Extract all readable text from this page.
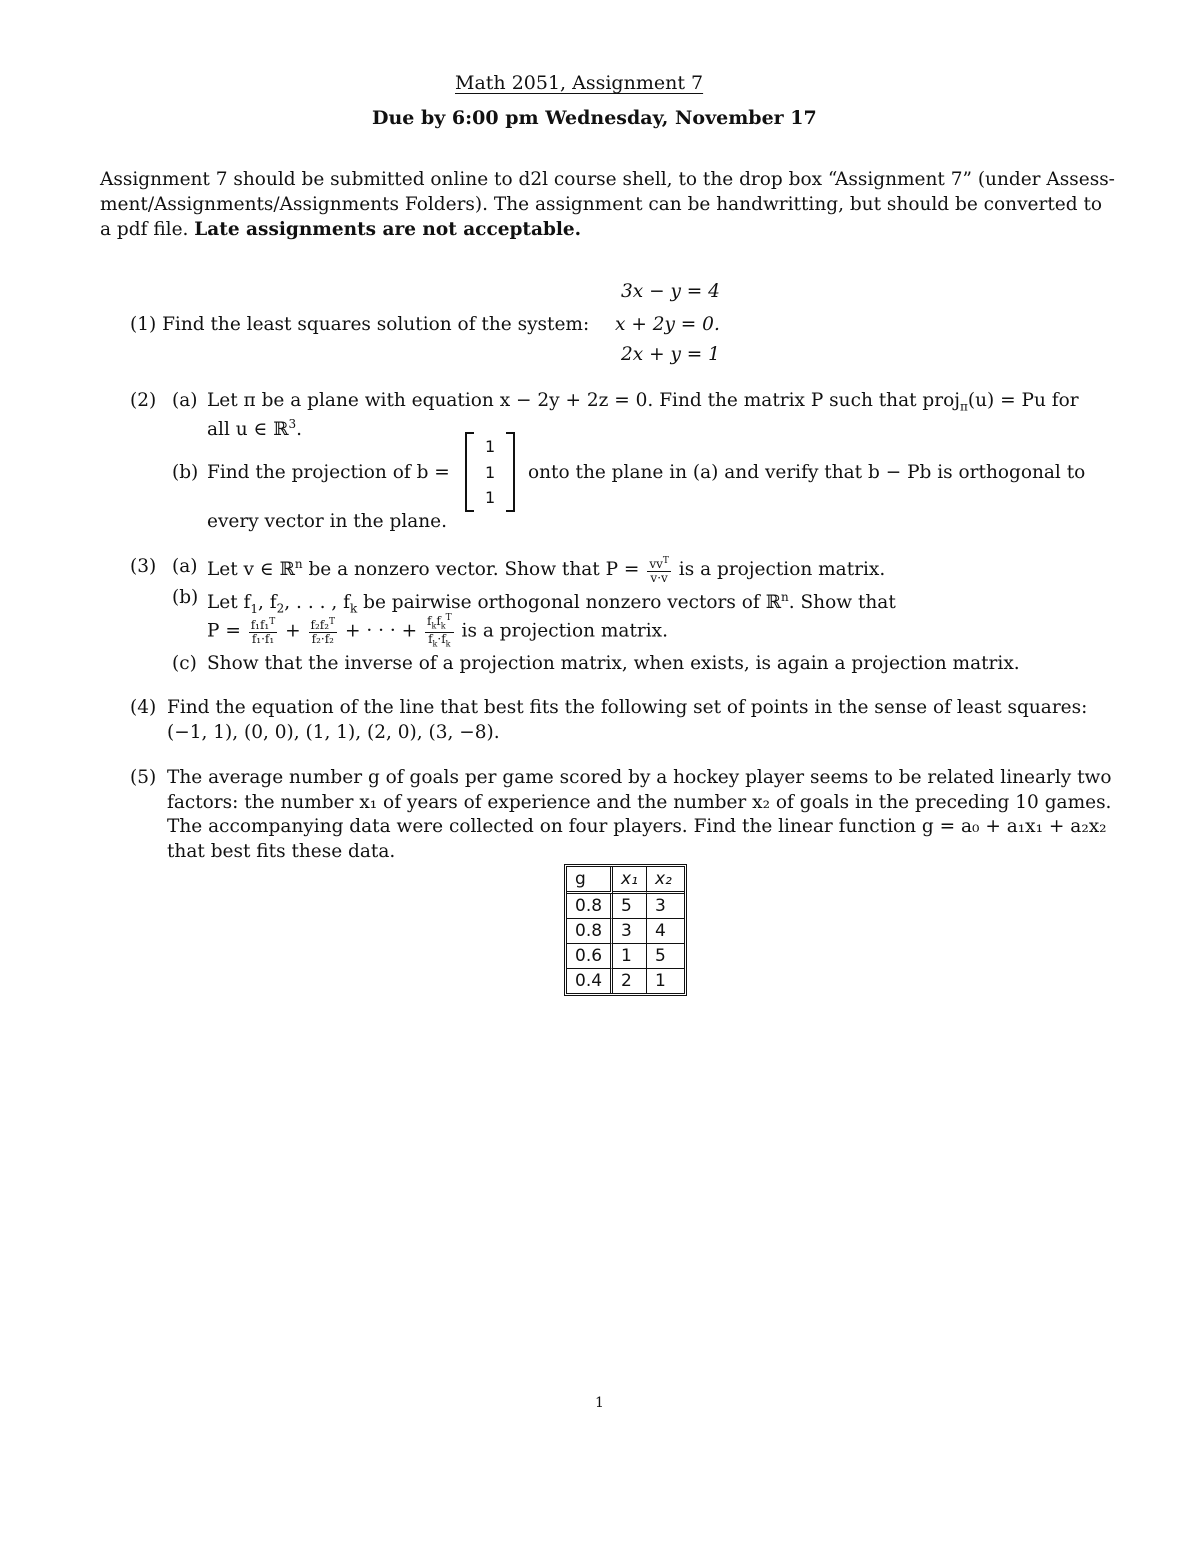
Math 2051, Assignment 7
Due by 6:00 pm Wednesday, November 17
Assignment 7 should be submitted online to d2l course shell, to the drop box “Assignment 7” (under Assess-
ment/Assignments/Assignments Folders). The assignment can be handwritting, but should be converted to
a pdf file. Late assignments are not acceptable.
(1) Find the least squares solution of the system:
3x − y = 4
x + 2y = 0.
2x + y = 1
(2) (a) Let π be a plane with equation x − 2y + 2z = 0. Find the matrix P such that proj$_\pi$(u) = Pu for
all u ∈ ℝ$^3$.
(b) Find the projection of b =
1
1
1
onto the plane in (a) and verify that b − Pb is orthogonal to
every vector in the plane.
(3) (a) Let v ∈ ℝ$^n$ be a nonzero vector. Show that $P = \frac{vv^T}{v\cdot v}$ is a projection matrix.
(b) Let $f_1$, $f_2$, . . . , $f_k$ be pairwise orthogonal nonzero vectors of ℝ$^n$. Show that
$P = \frac{f_1f_1^T}{\text{f₁·f₁}} + \frac{f_2f_2^T}{\text{f₂·f₂}}$ + · · · + $\frac{f_kf_k^T}{f_k\cdot f_k}$ is a projection matrix.
(c) Show that the inverse of a projection matrix, when exists, is again a projection matrix.
(4) Find the equation of the line that best fits the following set of points in the sense of least squares:
(−1, 1), (0, 0), (1, 1), (2, 0), (3, −8).
(5) The average number g of goals per game scored by a hockey player seems to be related linearly two
factors: the number x₁ of years of experience and the number x₂ of goals in the preceding 10 games.
The accompanying data were collected on four players. Find the linear function g = a₀ + a₁x₁ + a₂x₂
that best fits these data.
g	x₁	x₂
0.8	5	3
0.8	3	4
0.6	1	5
0.4	2	1
1
